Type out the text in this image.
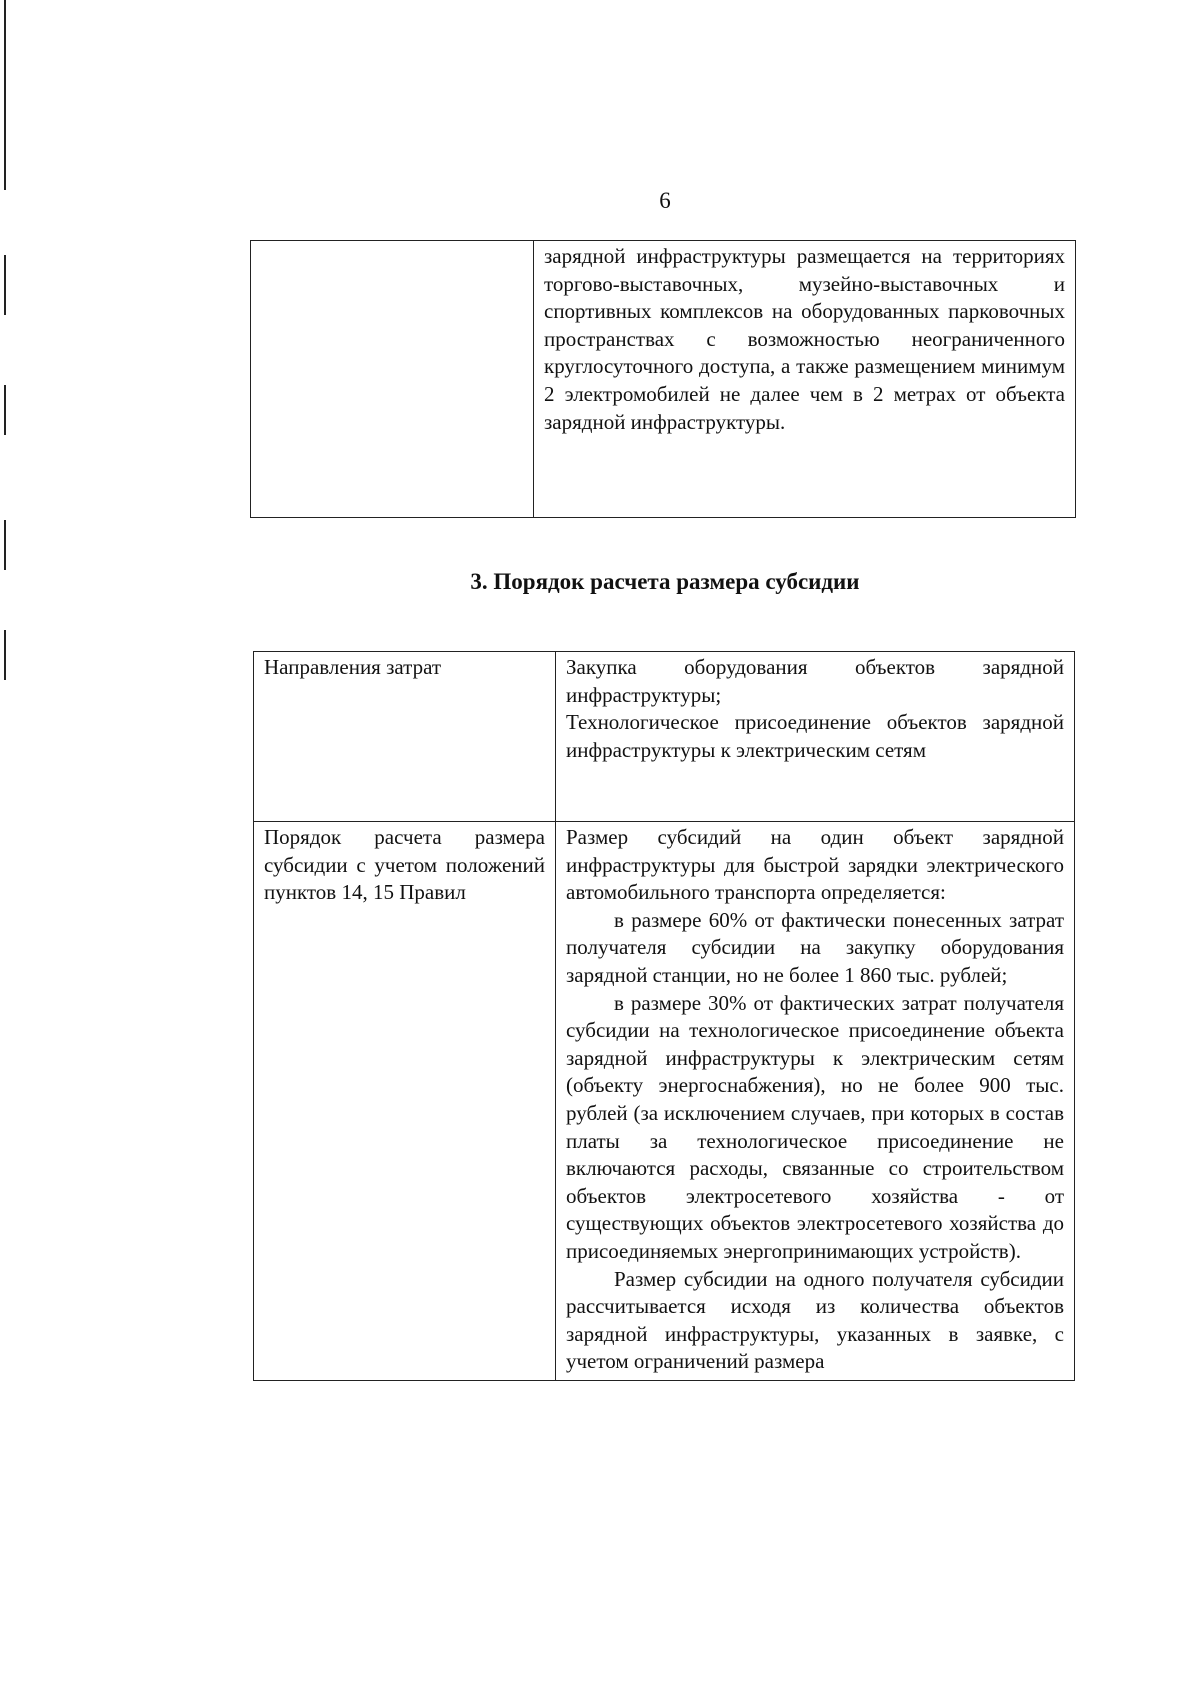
6

зарядной инфраструктуры размещается на территориях торгово-выставочных, музейно-выставочных и спортивных комплексов на оборудованных парковочных пространствах с возможностью неограниченного круглосуточного доступа, а также размещением минимум 2 электромобилей не далее чем в 2 метрах от объекта зарядной инфраструктуры.

3. Порядок расчета размера субсидии
Направления затрат	Закупка оборудования объектов зарядной инфраструктуры;

Технологическое присоединение объектов зарядной инфраструктуры к электрическим сетям

Порядок расчета размера субсидии с учетом положений пунктов 14, 15 Правил	Размер субсидий на один объект зарядной инфраструктуры для быстрой зарядки электрического автомобильного транспорта определяется:

в размере 60% от фактически понесенных затрат получателя субсидии на закупку оборудования зарядной станции, но не более 1 860 тыс. рублей;

в размере 30% от фактических затрат получателя субсидии на технологическое присоединение объекта зарядной инфраструктуры к электрическим сетям (объекту энергоснабжения), но не более 900 тыс. рублей (за исключением случаев, при которых в состав платы за технологическое присоединение не включаются расходы, связанные со строительством объектов электросетевого хозяйства - от существующих объектов электросетевого хозяйства до присоединяемых энергопринимающих устройств).

Размер субсидии на одного получателя субсидии рассчитывается исходя из количества объектов зарядной инфраструктуры, указанных в заявке, с учетом ограничений размера
